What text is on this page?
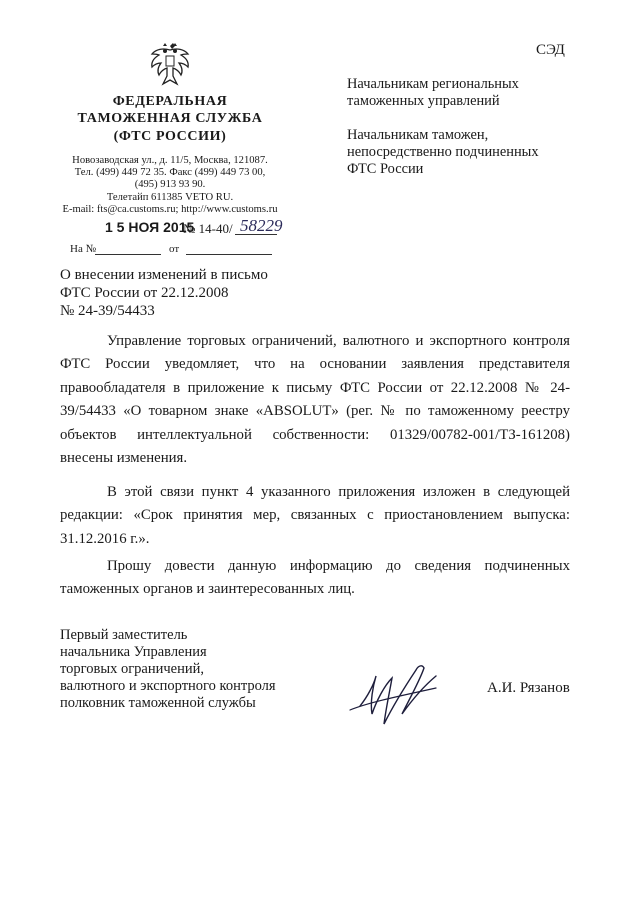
СЭД
ФЕДЕРАЛЬНАЯ
ТАМОЖЕННАЯ СЛУЖБА
(ФТС РОССИИ)
Новозаводская ул., д. 11/5, Москва, 121087.
Тел. (499) 449 72 35. Факс (499) 449 73 00,
(495) 913 93 90.
Телетайп 611385 VETO RU.
E-mail: fts@ca.customs.ru; http://www.customs.ru
Начальникам региональных
таможенных управлений
Начальникам таможен,
непосредственно подчиненных
ФТС России
1 5 НОЯ 2015
№ 14-40/ 58229
На №	от
О внесении изменений в письмо
ФТС России от 22.12.2008
№ 24-39/54433
Управление торговых ограничений, валютного и экспортного контроля ФТС России уведомляет, что на основании заявления представителя правообладателя в приложение к письму ФТС России от 22.12.2008 № 24-39/54433 «О товарном знаке «ABSOLUT» (рег. № по таможенному реестру объектов интеллектуальной собственности: 01329/00782-001/ТЗ-161208) внесены изменения.
В этой связи пункт 4 указанного приложения изложен в следующей редакции: «Срок принятия мер, связанных с приостановлением выпуска: 31.12.2016 г.».
Прошу довести данную информацию до сведения подчиненных таможенных органов и заинтересованных лиц.
Первый заместитель
начальника Управления
торговых ограничений,
валютного и экспортного контроля
полковник таможенной службы
А.И. Рязанов
